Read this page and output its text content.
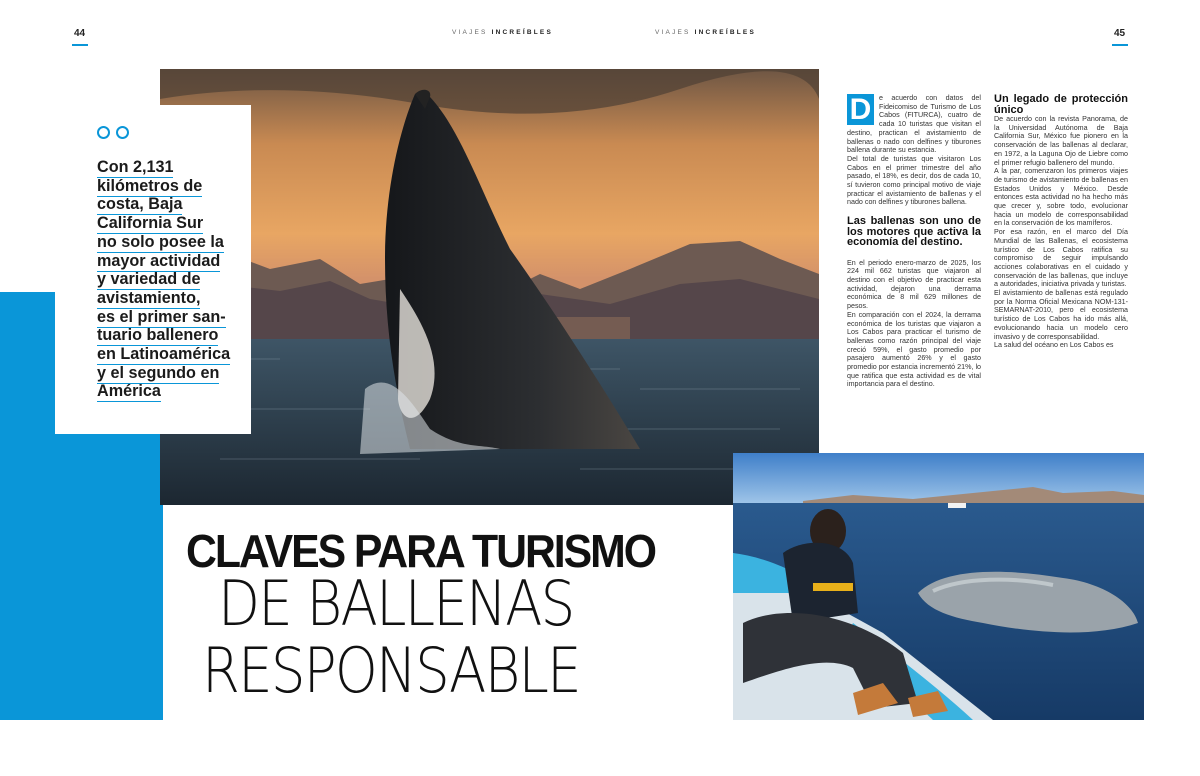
44	VIAJES INCREÍBLES	VIAJES INCREÍBLES	45
Con 2,131
kilómetros de
costa, Baja
California Sur
no solo posee la
mayor actividad
y variedad de
avistamiento,
es el primer san-
tuario ballenero
en Latinoamérica
y el segundo en
América
CLAVES PARA TURISMO
DE BALLENAS
RESPONSABLE
D	e acuerdo con datos del Fideicomiso de Turismo de Los Cabos (FITURCA), cuatro de cada 10 turistas que visitan el destino, practican el avistamiento de ballenas o nado con delfines y tiburones ballena durante su estancia.

Del total de turistas que visitaron Los Cabos en el primer trimestre del año pasado, el 18%, es decir, dos de cada 10, sí tuvieron como principal motivo de viaje practicar el avistamiento de ballenas y el nado con delfines y tiburones ballena.

Las ballenas son uno de los motores que activa la economía del destino.

En el periodo enero-marzo de 2025, los 224 mil 662 turistas que viajaron al destino con el objetivo de practicar esta actividad, dejaron una derrama económica de 8 mil 629 millones de pesos.

En comparación con el 2024, la derrama económica de los turistas que viajaron a Los Cabos para practicar el turismo de ballenas como razón principal del viaje creció 59%, el gasto promedio por pasajero aumentó 26% y el gasto promedio por estancia incrementó 21%, lo que ratifica que esta actividad es de vital importancia para el destino.

Un legado de protección único

De acuerdo con la revista Panorama, de la Universidad Autónoma de Baja California Sur, México fue pionero en la conservación de las ballenas al declarar, en 1972, a la Laguna Ojo de Liebre como el primer refugio ballenero del mundo.

A la par, comenzaron los primeros viajes de turismo de avistamiento de ballenas en Estados Unidos y México. Desde entonces esta actividad no ha hecho más que crecer y, sobre todo, evolucionar hacia un modelo de corresponsabilidad en la conservación de los mamíferos.

Por esa razón, en el marco del Día Mundial de las Ballenas, el ecosistema turístico de Los Cabos ratifica su compromiso de seguir impulsando acciones colaborativas en el cuidado y conservación de las ballenas, que incluye a autoridades, iniciativa privada y turistas.

El avistamiento de ballenas está regulado por la Norma Oficial Mexicana NOM-131-SEMARNAT-2010, pero el ecosistema turístico de Los Cabos ha ido más allá, evolucionando hacia un modelo cero invasivo y de corresponsabilidad.

La salud del océano en Los Cabos es
